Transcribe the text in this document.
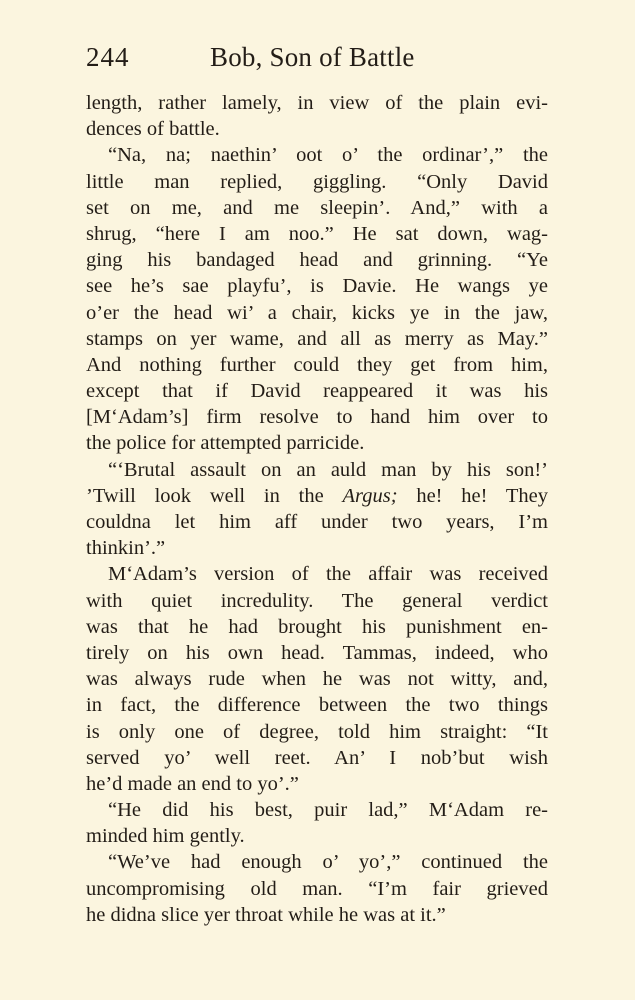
244	Bob, Son of Battle
length, rather lamely, in view of the plain evi-
dences of battle.
“Na, na; naethin’ oot o’ the ordinar’,” the
little man replied, giggling. “Only David
set on me, and me sleepin’. And,” with a
shrug, “here I am noo.” He sat down, wag-
ging his bandaged head and grinning. “Ye
see he’s sae playfu’, is Davie. He wangs ye
o’er the head wi’ a chair, kicks ye in the jaw,
stamps on yer wame, and all as merry as May.”
And nothing further could they get from him,
except that if David reappeared it was his
[M‘Adam’s] firm resolve to hand him over to
the police for attempted parricide.
“‘Brutal assault on an auld man by his son!’
’Twill look well in the Argus; he! he! They
couldna let him aff under two years, I’m
thinkin’.”
M‘Adam’s version of the affair was received
with quiet incredulity. The general verdict
was that he had brought his punishment en-
tirely on his own head. Tammas, indeed, who
was always rude when he was not witty, and,
in fact, the difference between the two things
is only one of degree, told him straight: “It
served yo’ well reet. An’ I nob’but wish
he’d made an end to yo’.”
“He did his best, puir lad,” M‘Adam re-
minded him gently.
“We’ve had enough o’ yo’,” continued the
uncompromising old man. “I’m fair grieved
he didna slice yer throat while he was at it.”
